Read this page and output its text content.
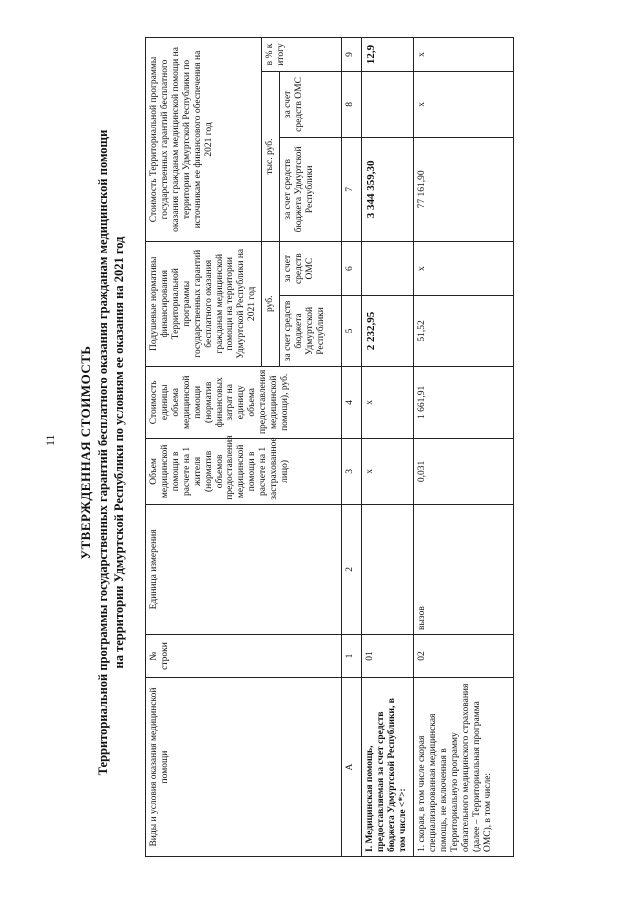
11 УТВЕРЖДЕННАЯ СТОИМОСТЬ Территориальной программы государственных гарантий бесплатного оказания гражданам медицинской помощи на территории Удмуртской Республики по условиям ее оказания на 2021 год
Виды и условия оказания медицинской помощи	№ строки	Единица измерения	Объем медицинской помощи в расчете на 1 жителя (норматив объемов предоставления медицинской помощи в расчете на 1 застрахованное лицо)	Стоимость единицы объема медицинской помощи (норматив финансовых затрат на единицу объема предоставления медицинской помощи), руб.	Подушевые нормативы финансирования Территориальной программы государственных гарантий бесплатного оказания гражданам медицинской помощи на территории Удмуртской Республики на 2021 год		Стоимость Территориальной программы государственных гарантий бесплатного оказания гражданам медицинской помощи на территории Удмуртской Республики по источникам ее финансового обеспечения на 2021 год		
					руб.		тыс. руб.		в % к итогу
					за счет средств бюджета Удмуртской Республики	за счет средств ОМС	за счет средств бюджета Удмуртской Республики	за счет средств ОМС	
А	1	2	3	4	5	6	7	8	9
I. Медицинская помощь, предоставляемая за счет средств бюджета Удмуртской Республики, в том числе <*>:	01		х	х	2 232,95		3 344 359,30		12,9
1. скорая, в том числе скорая специализированная медицинская помощь, не включенная в Территориальную программу обязательного медицинского страхования (далее – Территориальная программа ОМС), в том числе:	02	вызов	0,031	1 661,91	51,52	х	77 161,90	х	х
